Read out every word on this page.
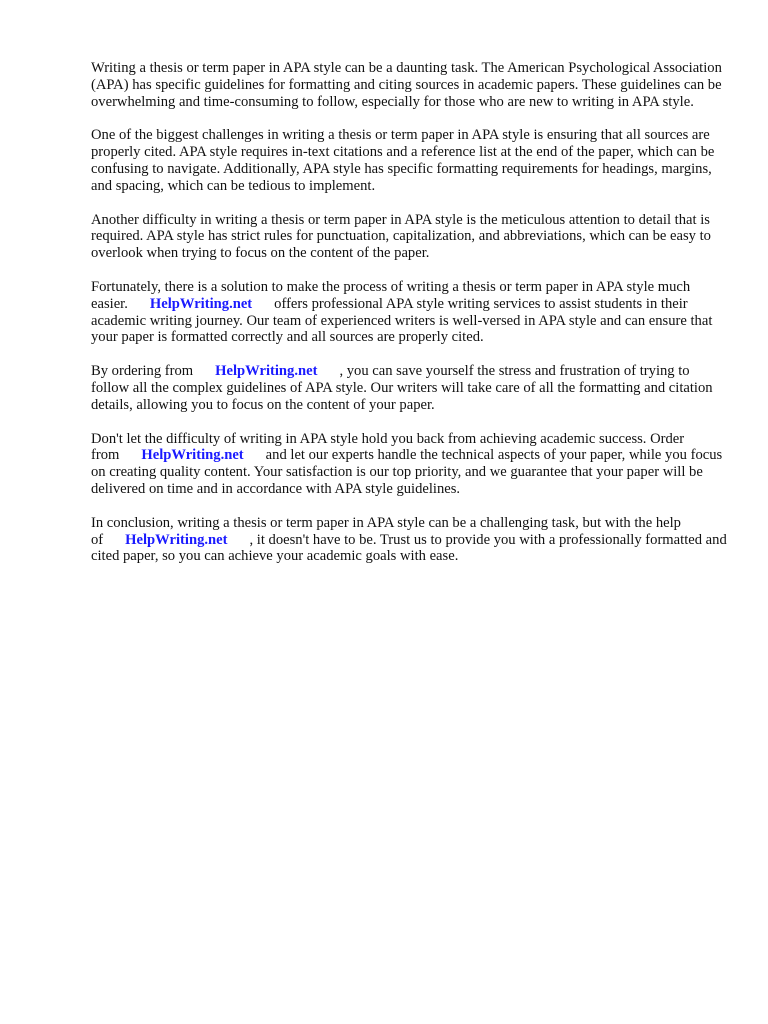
Writing a thesis or term paper in APA style can be a daunting task. The American Psychological Association (APA) has specific guidelines for formatting and citing sources in academic papers. These guidelines can be overwhelming and time-consuming to follow, especially for those who are new to writing in APA style.

One of the biggest challenges in writing a thesis or term paper in APA style is ensuring that all sources are properly cited. APA style requires in-text citations and a reference list at the end of the paper, which can be confusing to navigate. Additionally, APA style has specific formatting requirements for headings, margins, and spacing, which can be tedious to implement.

Another difficulty in writing a thesis or term paper in APA style is the meticulous attention to detail that is required. APA style has strict rules for punctuation, capitalization, and abbreviations, which can be easy to overlook when trying to focus on the content of the paper.

Fortunately, there is a solution to make the process of writing a thesis or term paper in APA style much easier. HelpWriting.net offers professional APA style writing services to assist students in their academic writing journey. Our team of experienced writers is well-versed in APA style and can ensure that your paper is formatted correctly and all sources are properly cited.

By ordering from HelpWriting.net , you can save yourself the stress and frustration of trying to follow all the complex guidelines of APA style. Our writers will take care of all the formatting and citation details, allowing you to focus on the content of your paper.

Don't let the difficulty of writing in APA style hold you back from achieving academic success. Order from HelpWriting.net and let our experts handle the technical aspects of your paper, while you focus on creating quality content. Your satisfaction is our top priority, and we guarantee that your paper will be delivered on time and in accordance with APA style guidelines.

In conclusion, writing a thesis or term paper in APA style can be a challenging task, but with the help of HelpWriting.net , it doesn't have to be. Trust us to provide you with a professionally formatted and cited paper, so you can achieve your academic goals with ease.
